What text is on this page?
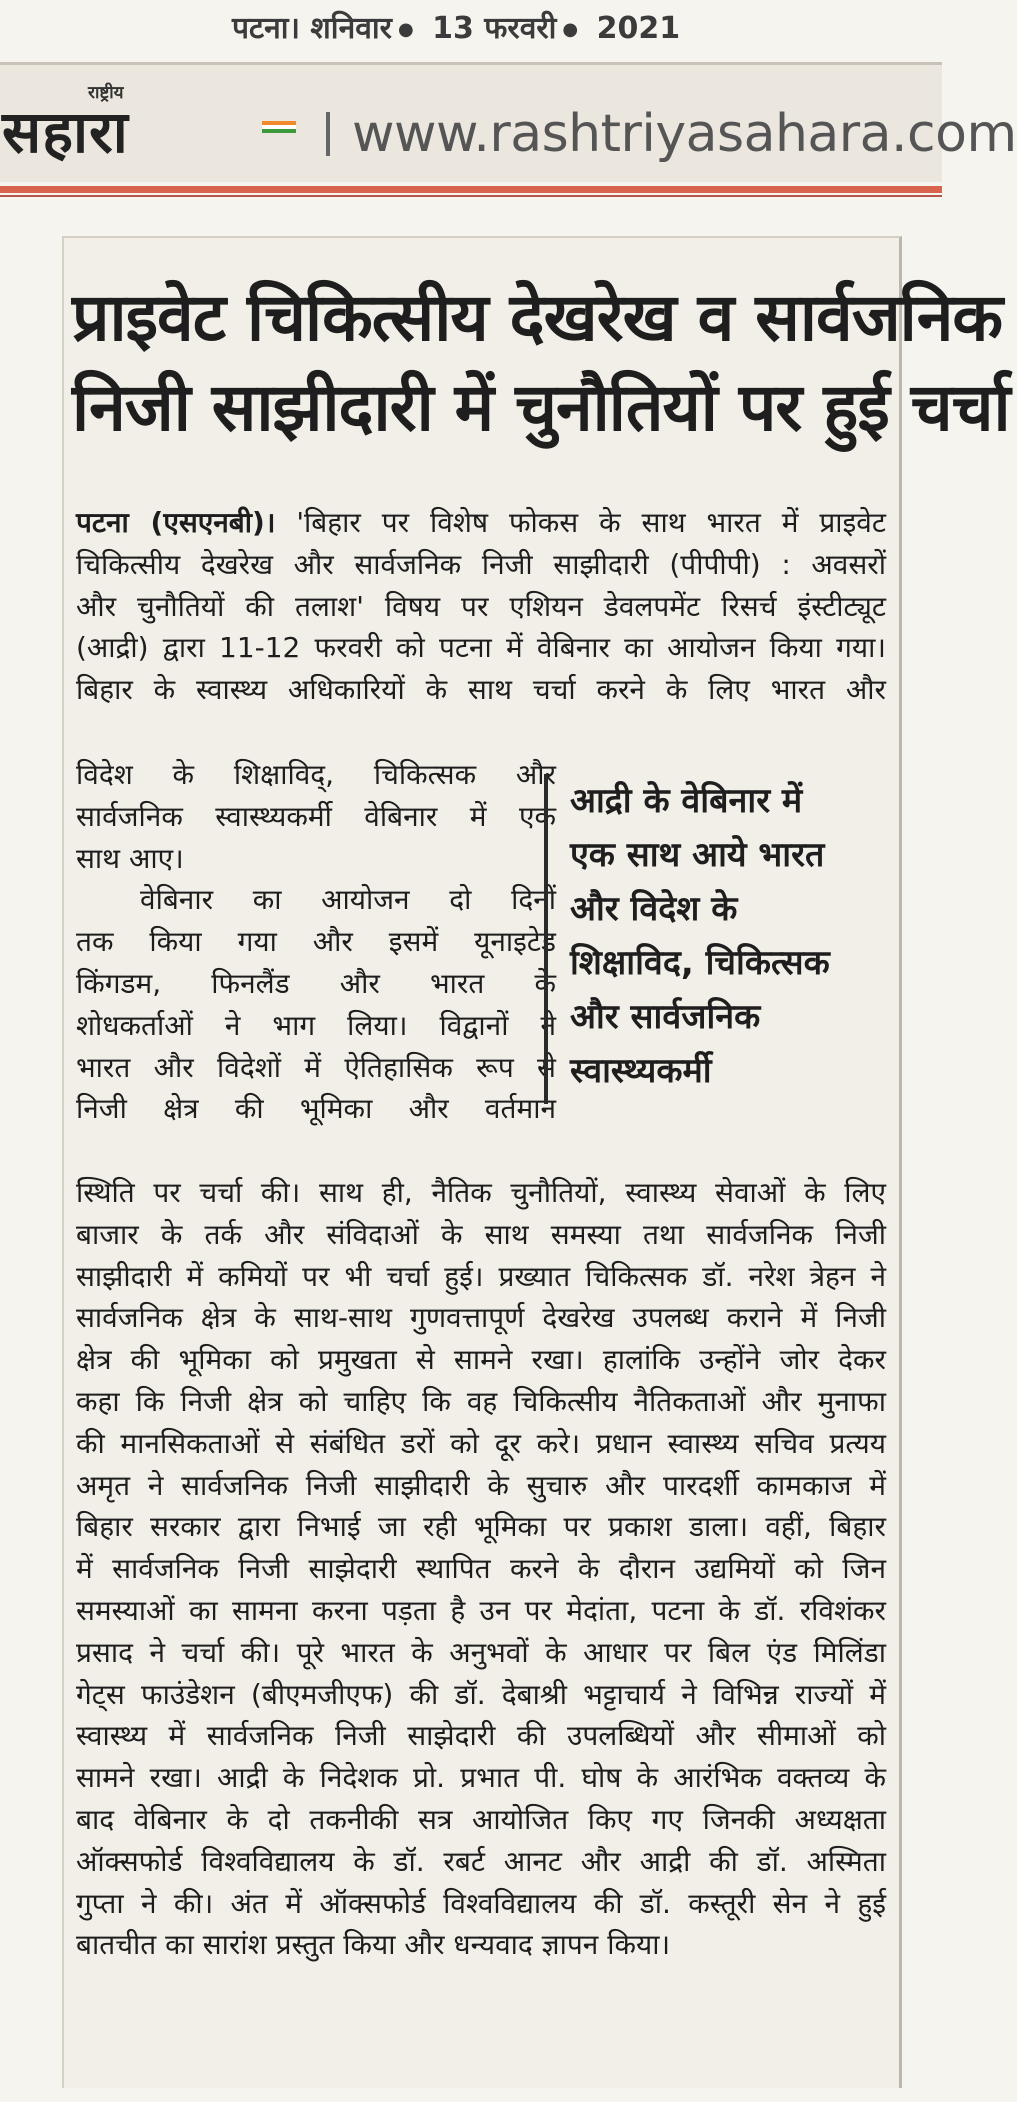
पटना। शनिवार ● 13 फरवरी ● 2021
राष्ट्रीय
सहारा	www.rashtriyasahara.com
प्राइवेट चिकित्सीय देखरेख व सार्वजनिक
निजी साझीदारी में चुनौतियों पर हुई चर्चा
पटना (एसएनबी)। 'बिहार पर विशेष फोकस के साथ भारत में प्राइवेट
चिकित्सीय देखरेख और सार्वजनिक निजी साझीदारी (पीपीपी) : अवसरों
और चुनौतियों की तलाश' विषय पर एशियन डेवलपमेंट रिसर्च इंस्टीट्यूट
(आद्री) द्वारा 11-12 फरवरी को पटना में वेबिनार का आयोजन किया गया।
बिहार के स्वास्थ्य अधिकारियों के साथ चर्चा करने के लिए भारत और
विदेश के शिक्षाविद्, चिकित्सक और
सार्वजनिक स्वास्थ्यकर्मी वेबिनार में एक
साथ आए।
वेबिनार का आयोजन दो दिनों
तक किया गया और इसमें यूनाइटेड
किंगडम, फिनलैंड और भारत के
शोधकर्ताओं ने भाग लिया। विद्वानों ने
भारत और विदेशों में ऐतिहासिक रूप से
निजी क्षेत्र की भूमिका और वर्तमान
आद्री के वेबिनार में
एक साथ आये भारत
और विदेश के
शिक्षाविद, चिकित्सक
और सार्वजनिक
स्वास्थ्यकर्मी
स्थिति पर चर्चा की। साथ ही, नैतिक चुनौतियों, स्वास्थ्य सेवाओं के लिए
बाजार के तर्क और संविदाओं के साथ समस्या तथा सार्वजनिक निजी
साझीदारी में कमियों पर भी चर्चा हुई। प्रख्यात चिकित्सक डॉ. नरेश त्रेहन ने
सार्वजनिक क्षेत्र के साथ-साथ गुणवत्तापूर्ण देखरेख उपलब्ध कराने में निजी
क्षेत्र की भूमिका को प्रमुखता से सामने रखा। हालांकि उन्होंने जोर देकर
कहा कि निजी क्षेत्र को चाहिए कि वह चिकित्सीय नैतिकताओं और मुनाफा
की मानसिकताओं से संबंधित डरों को दूर करे। प्रधान स्वास्थ्य सचिव प्रत्यय
अमृत ने सार्वजनिक निजी साझीदारी के सुचारु और पारदर्शी कामकाज में
बिहार सरकार द्वारा निभाई जा रही भूमिका पर प्रकाश डाला। वहीं, बिहार
में सार्वजनिक निजी साझेदारी स्थापित करने के दौरान उद्यमियों को जिन
समस्याओं का सामना करना पड़ता है उन पर मेदांता, पटना के डॉ. रविशंकर
प्रसाद ने चर्चा की। पूरे भारत के अनुभवों के आधार पर बिल एंड मिलिंडा
गेट्स फाउंडेशन (बीएमजीएफ) की डॉ. देबाश्री भट्टाचार्य ने विभिन्न राज्यों में
स्वास्थ्य में सार्वजनिक निजी साझेदारी की उपलब्धियों और सीमाओं को
सामने रखा। आद्री के निदेशक प्रो. प्रभात पी. घोष के आरंभिक वक्तव्य के
बाद वेबिनार के दो तकनीकी सत्र आयोजित किए गए जिनकी अध्यक्षता
ऑक्सफोर्ड विश्वविद्यालय के डॉ. रबर्ट आनट और आद्री की डॉ. अस्मिता
गुप्ता ने की। अंत में ऑक्सफोर्ड विश्वविद्यालय की डॉ. कस्तूरी सेन ने हुई
बातचीत का सारांश प्रस्तुत किया और धन्यवाद ज्ञापन किया।
